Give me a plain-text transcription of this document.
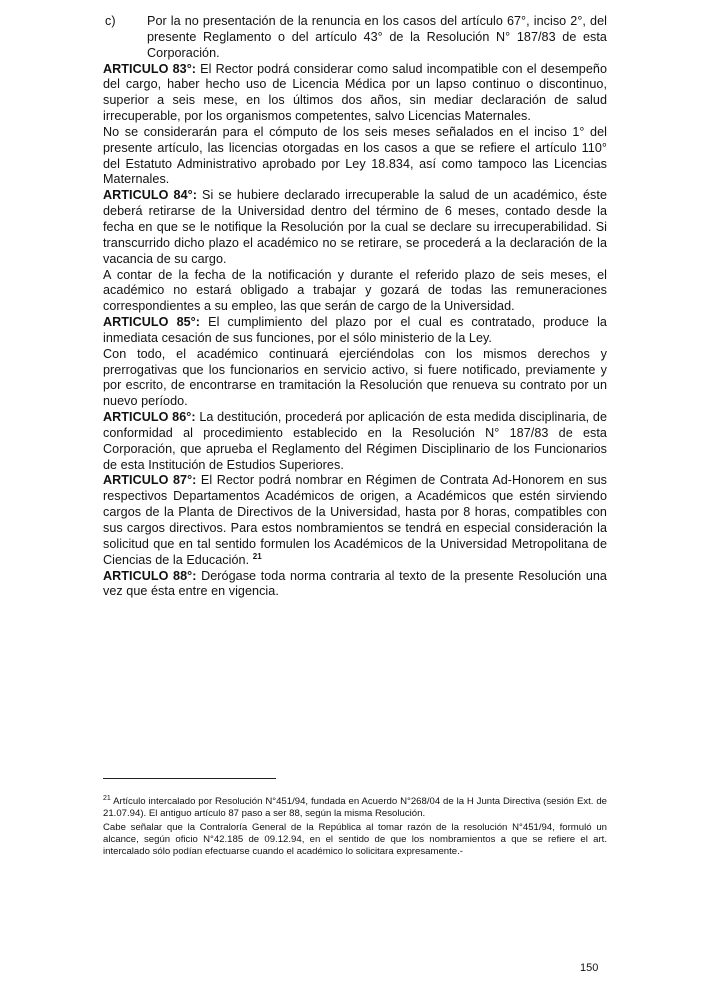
c) Por la no presentación de la renuncia en los casos del artículo 67°, inciso 2°, del presente Reglamento o del artículo 43° de la Resolución N° 187/83 de esta Corporación.

ARTICULO 83°: El Rector podrá considerar como salud incompatible con el desempeño del cargo, haber hecho uso de Licencia Médica por un lapso continuo o discontinuo, superior a seis mese, en los últimos dos años, sin mediar declaración de salud irrecuperable, por los organismos competentes, salvo Licencias Maternales.

No se considerarán para el cómputo de los seis meses señalados en el inciso 1° del presente artículo, las licencias otorgadas en los casos a que se refiere el artículo 110° del Estatuto Administrativo aprobado por Ley 18.834, así como tampoco las Licencias Maternales.

ARTICULO 84°: Si se hubiere declarado irrecuperable la salud de un académico, éste deberá retirarse de la Universidad dentro del término de 6 meses, contado desde la fecha en que se le notifique la Resolución por la cual se declare su irrecuperabilidad. Si transcurrido dicho plazo el académico no se retirare, se procederá a la declaración de la vacancia de su cargo.

A contar de la fecha de la notificación y durante el referido plazo de seis meses, el académico no estará obligado a trabajar y gozará de todas las remuneraciones correspondientes a su empleo, las que serán de cargo de la Universidad.

ARTICULO 85°: El cumplimiento del plazo por el cual es contratado, produce la inmediata cesación de sus funciones, por el sólo ministerio de la Ley.

Con todo, el académico continuará ejerciéndolas con los mismos derechos y prerrogativas que los funcionarios en servicio activo, si fuere notificado, previamente y por escrito, de encontrarse en tramitación la Resolución que renueva su contrato por un nuevo período.

ARTICULO 86°: La destitución, procederá por aplicación de esta medida disciplinaria, de conformidad al procedimiento establecido en la Resolución N° 187/83 de esta Corporación, que aprueba el Reglamento del Régimen Disciplinario de los Funcionarios de esta Institución de Estudios Superiores.

ARTICULO 87°: El Rector podrá nombrar en Régimen de Contrata Ad-Honorem en sus respectivos Departamentos Académicos de origen, a Académicos que estén sirviendo cargos de la Planta de Directivos de la Universidad, hasta por 8 horas, compatibles con sus cargos directivos. Para estos nombramientos se tendrá en especial consideración la solicitud que en tal sentido formulen los Académicos de la Universidad Metropolitana de Ciencias de la Educación. $^{21}$

ARTICULO 88°: Derógase toda norma contraria al texto de la presente Resolución una vez que ésta entre en vigencia.

$^{21}$ Artículo intercalado por Resolución N°451/94, fundada en Acuerdo N°268/04 de la H Junta Directiva (sesión Ext. de 21.07.94). El antiguo artículo 87 paso a ser 88, según la misma Resolución.

Cabe señalar que la Contraloría General de la República al tomar razón de la resolución N°451/94, formuló un alcance, según oficio N°42.185 de 09.12.94, en el sentido de que los nombramientos a que se refiere el art. intercalado sólo podían efectuarse cuando el académico lo solicitara expresamente.-

150
